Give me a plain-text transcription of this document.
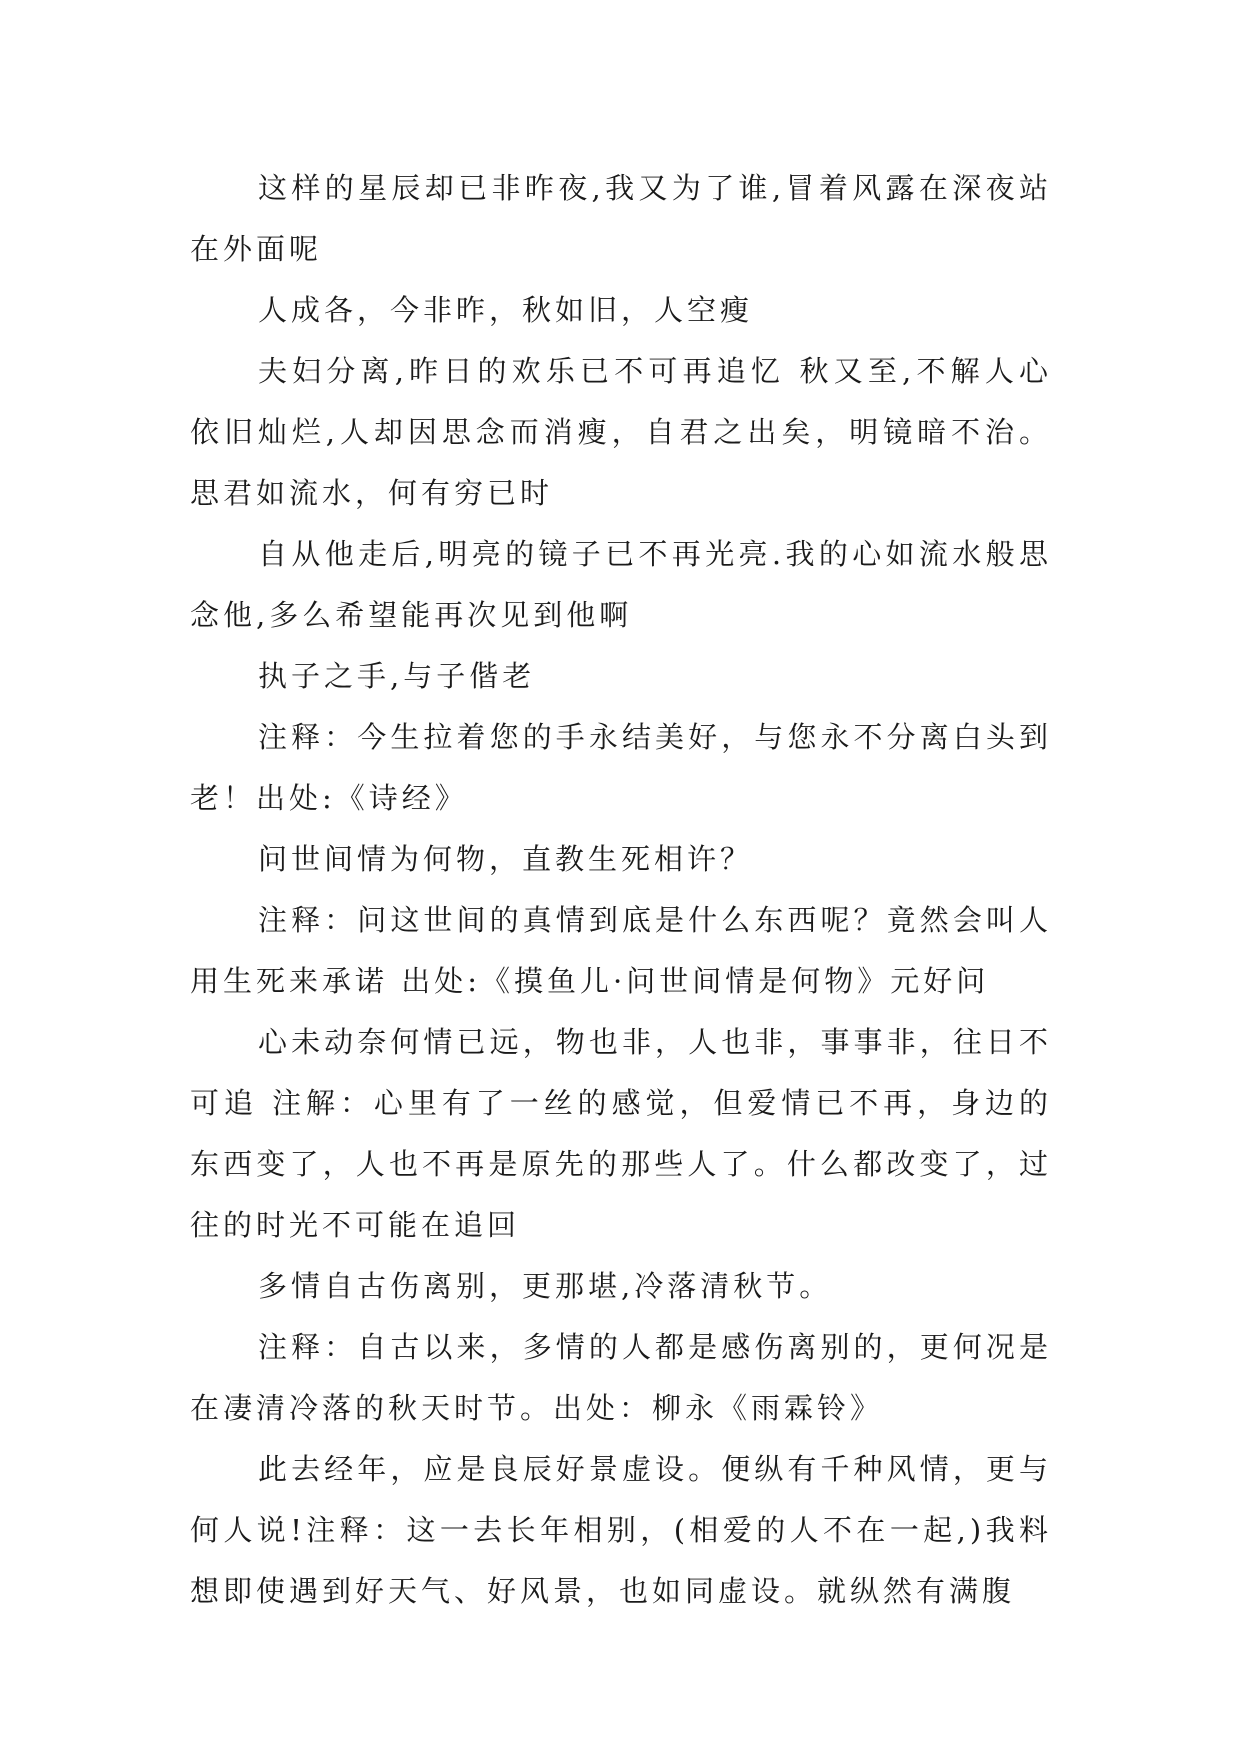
这样的星辰却已非昨夜,我又为了谁,冒着风露在深夜站在外面呢

人成各，今非昨，秋如旧，人空瘦

夫妇分离,昨日的欢乐已不可再追忆 秋又至,不解人心依旧灿烂,人却因思念而消瘦，自君之出矣，明镜暗不治。思君如流水，何有穷已时

自从他走后,明亮的镜子已不再光亮.我的心如流水般思念他,多么希望能再次见到他啊

执子之手,与子偕老

注释：今生拉着您的手永结美好，与您永不分离白头到老！出处:《诗经》

问世间情为何物，直教生死相许？

注释：问这世间的真情到底是什么东西呢？竟然会叫人用生死来承诺 出处:《摸鱼儿·问世间情是何物》元好问

心未动奈何情已远，物也非，人也非，事事非，往日不可追 注解：心里有了一丝的感觉，但爱情已不再，身边的东西变了，人也不再是原先的那些人了。什么都改变了，过往的时光不可能在追回

多情自古伤离别，更那堪,冷落清秋节。

注释：自古以来，多情的人都是感伤离别的，更何况是在凄清冷落的秋天时节。出处：柳永《雨霖铃》

此去经年，应是良辰好景虚设。便纵有千种风情，更与何人说!注释：这一去长年相别，(相爱的人不在一起,)我料想即使遇到好天气、好风景，也如同虚设。就纵然有满腹
